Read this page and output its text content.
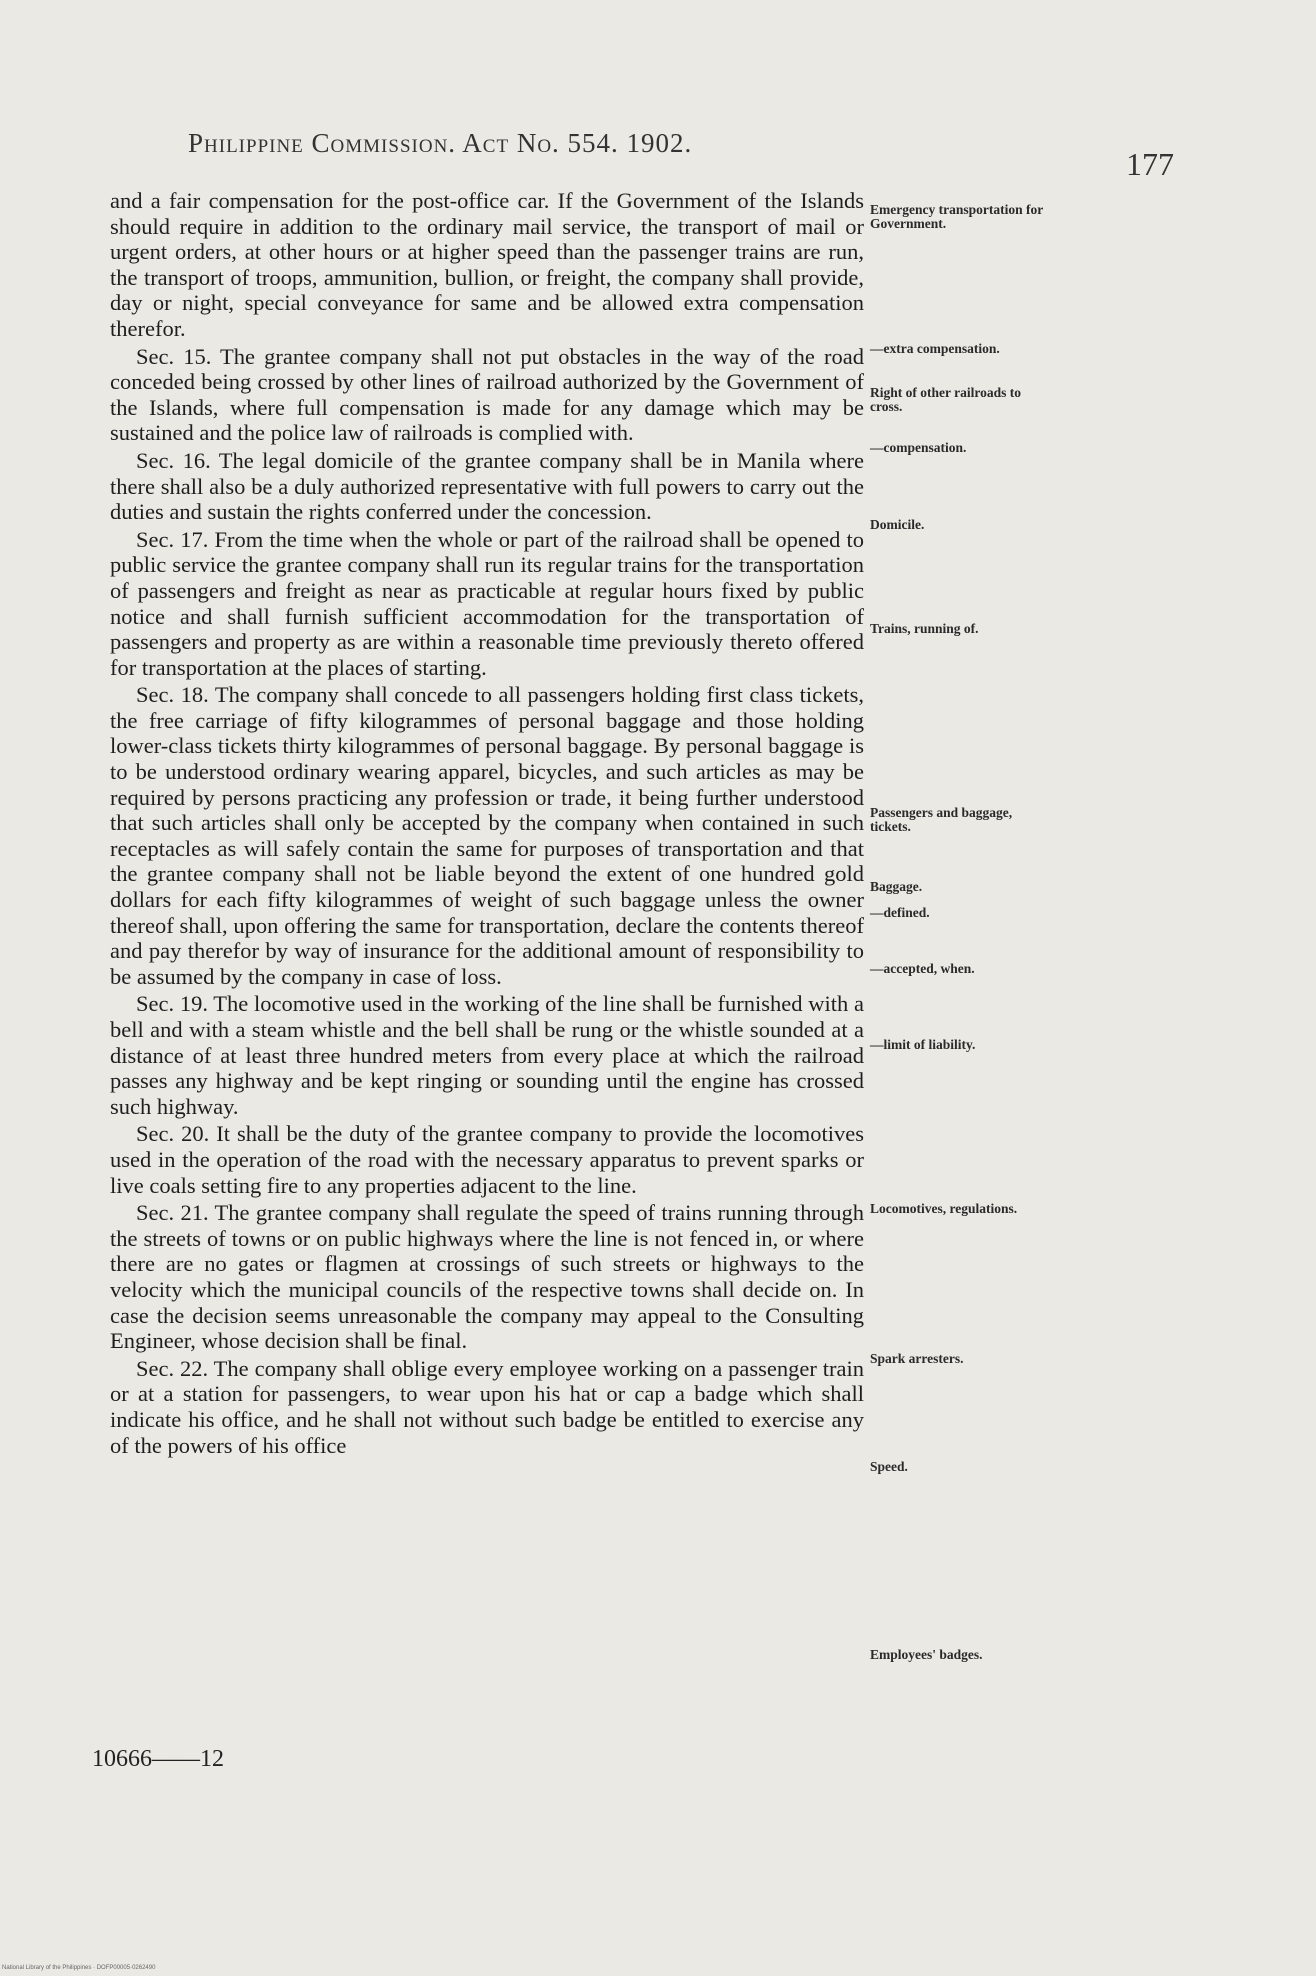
Philippine Commission. Act No. 554. 1902.
177

and a fair compensation for the post-office car. If the Government of the Islands should require in addition to the ordinary mail service, the transport of mail or urgent orders, at other hours or at higher speed than the passenger trains are run, the transport of troops, ammunition, bullion, or freight, the company shall provide, day or night, special conveyance for same and be allowed extra compensation therefor.

Sec. 15. The grantee company shall not put obstacles in the way of the road conceded being crossed by other lines of railroad authorized by the Government of the Islands, where full compensation is made for any damage which may be sustained and the police law of railroads is complied with.

Sec. 16. The legal domicile of the grantee company shall be in Manila where there shall also be a duly authorized representative with full powers to carry out the duties and sustain the rights conferred under the concession.

Sec. 17. From the time when the whole or part of the railroad shall be opened to public service the grantee company shall run its regular trains for the transportation of passengers and freight as near as practicable at regular hours fixed by public notice and shall furnish sufficient accommodation for the transportation of passengers and property as are within a reasonable time previously thereto offered for transportation at the places of starting.

Sec. 18. The company shall concede to all passengers holding first class tickets, the free carriage of fifty kilogrammes of personal baggage and those holding lower-class tickets thirty kilogrammes of personal baggage. By personal baggage is to be understood ordinary wearing apparel, bicycles, and such articles as may be required by persons practicing any profession or trade, it being further understood that such articles shall only be accepted by the company when contained in such receptacles as will safely contain the same for purposes of transportation and that the grantee company shall not be liable beyond the extent of one hundred gold dollars for each fifty kilogrammes of weight of such baggage unless the owner thereof shall, upon offering the same for transportation, declare the contents thereof and pay therefor by way of insurance for the additional amount of responsibility to be assumed by the company in case of loss.

Sec. 19. The locomotive used in the working of the line shall be furnished with a bell and with a steam whistle and the bell shall be rung or the whistle sounded at a distance of at least three hundred meters from every place at which the railroad passes any highway and be kept ringing or sounding until the engine has crossed such highway.

Sec. 20. It shall be the duty of the grantee company to provide the locomotives used in the operation of the road with the necessary apparatus to prevent sparks or live coals setting fire to any properties adjacent to the line.

Sec. 21. The grantee company shall regulate the speed of trains running through the streets of towns or on public highways where the line is not fenced in, or where there are no gates or flagmen at crossings of such streets or highways to the velocity which the municipal councils of the respective towns shall decide on. In case the decision seems unreasonable the company may appeal to the Consulting Engineer, whose decision shall be final.

Sec. 22. The company shall oblige every employee working on a passenger train or at a station for passengers, to wear upon his hat or cap a badge which shall indicate his office, and he shall not without such badge be entitled to exercise any of the powers of his office

Emergency transportation for Government.
—extra compensation.
Right of other railroads to cross.
—compensation.
Domicile.
Trains, running of.
Passengers and baggage, tickets.
Baggage.
—defined.
—accepted, when.
—limit of liability.
Locomotives, regulations.
Spark arresters.
Speed.
Employees' badges.
10666——12
National Library of the Philippines · DOFP00005·0262490
